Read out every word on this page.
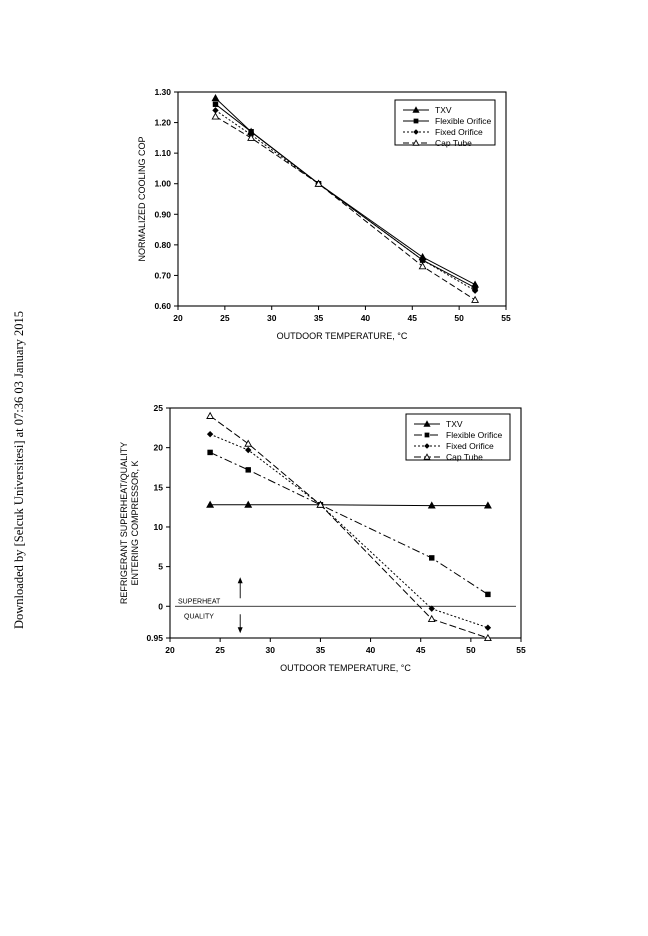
Downloaded by [Selcuk Universitesi] at 07:36 03 January 2015	20	25	30	35	40	45	50	55
0.60
0.70
0.80
0.90
1.00
1.10
1.20
1.30
OUTDOOR TEMPERATURE, °C
NORMALIZED COOLING COP
TXV
Flexible Orifice
Fixed Orifice
Cap Tube
20	25	30	35	40	45	50	55
25
20
15
10
5
0
0.95
OUTDOOR TEMPERATURE, °C
REFRIGERANT SUPERHEAT/QUALITY ENTERING COMPRESSOR, K
SUPERHEAT
QUALITY
TXV
Flexible Orifice
Fixed Orifice
Cap Tube
